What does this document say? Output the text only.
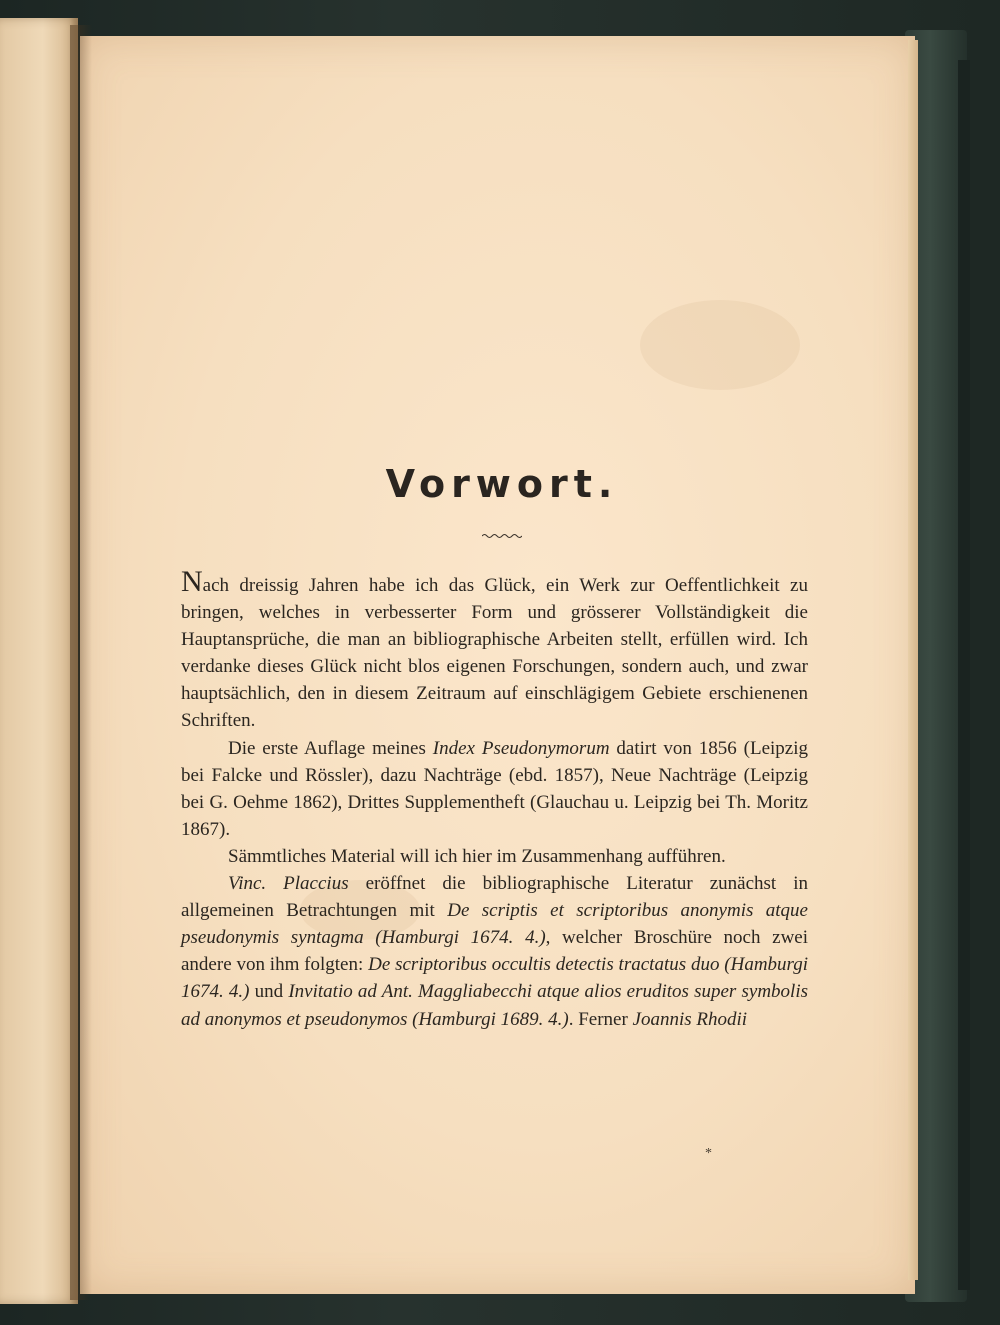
Vorwort.

Nach dreissig Jahren habe ich das Glück, ein Werk zur Oeffentlichkeit zu bringen, welches in verbesserter Form und grösserer Vollständigkeit die Hauptansprüche, die man an bibliographische Arbeiten stellt, erfüllen wird. Ich verdanke dieses Glück nicht blos eigenen Forschungen, sondern auch, und zwar hauptsächlich, den in diesem Zeitraum auf einschlägigem Gebiete erschienenen Schriften.

Die erste Auflage meines Index Pseudonymorum datirt von 1856 (Leipzig bei Falcke und Rössler), dazu Nachträge (ebd. 1857), Neue Nachträge (Leipzig bei G. Oehme 1862), Drittes Supplementheft (Glauchau u. Leipzig bei Th. Moritz 1867).

Sämmtliches Material will ich hier im Zusammenhang aufführen.

Vinc. Placcius eröffnet die bibliographische Literatur zunächst in allgemeinen Betrachtungen mit De scriptis et scriptoribus anonymis atque pseudonymis syntagma (Hamburgi 1674. 4.), welcher Broschüre noch zwei andere von ihm folgten: De scriptoribus occultis detectis tractatus duo (Hamburgi 1674. 4.) und Invitatio ad Ant. Maggliabecchi atque alios eruditos super symbolis ad anonymos et pseudonymos (Hamburgi 1689. 4.). Ferner Joannis Rhodii

*
